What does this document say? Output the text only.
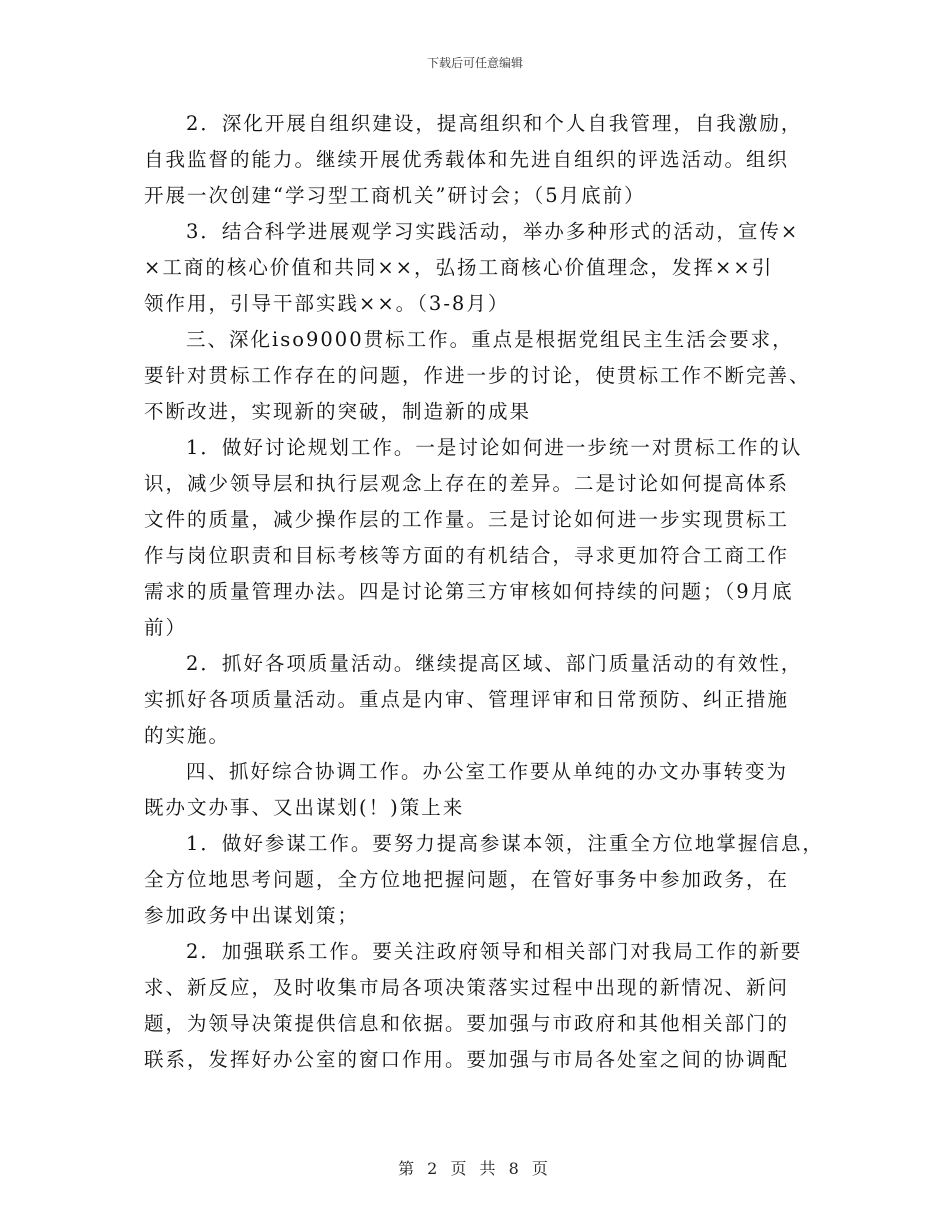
下载后可任意编辑
2．深化开展自组织建设，提高组织和个人自我管理，自我激励，
自我监督的能力。继续开展优秀载体和先进自组织的评选活动。组织
开展一次创建“学习型工商机关”研讨会；（5月底前）
3．结合科学进展观学习实践活动，举办多种形式的活动，宣传×
×工商的核心价值和共同××，弘扬工商核心价值理念，发挥××引
领作用，引导干部实践××。（3-8月）
三、深化iso9000贯标工作。重点是根据党组民主生活会要求，
要针对贯标工作存在的问题，作进一步的讨论，使贯标工作不断完善、
不断改进，实现新的突破，制造新的成果
1．做好讨论规划工作。一是讨论如何进一步统一对贯标工作的认
识，减少领导层和执行层观念上存在的差异。二是讨论如何提高体系
文件的质量，减少操作层的工作量。三是讨论如何进一步实现贯标工
作与岗位职责和目标考核等方面的有机结合，寻求更加符合工商工作
需求的质量管理办法。四是讨论第三方审核如何持续的问题；（9月底
前）
2．抓好各项质量活动。继续提高区域、部门质量活动的有效性，
实抓好各项质量活动。重点是内审、管理评审和日常预防、纠正措施
的实施。
四、抓好综合协调工作。办公室工作要从单纯的办文办事转变为
既办文办事、又出谋划(！)策上来
1．做好参谋工作。要努力提高参谋本领，注重全方位地掌握信息，
全方位地思考问题，全方位地把握问题，在管好事务中参加政务，在
参加政务中出谋划策；
2．加强联系工作。要关注政府领导和相关部门对我局工作的新要
求、新反应，及时收集市局各项决策落实过程中出现的新情况、新问
题，为领导决策提供信息和依据。要加强与市政府和其他相关部门的
联系，发挥好办公室的窗口作用。要加强与市局各处室之间的协调配
第 2 页 共 8 页
